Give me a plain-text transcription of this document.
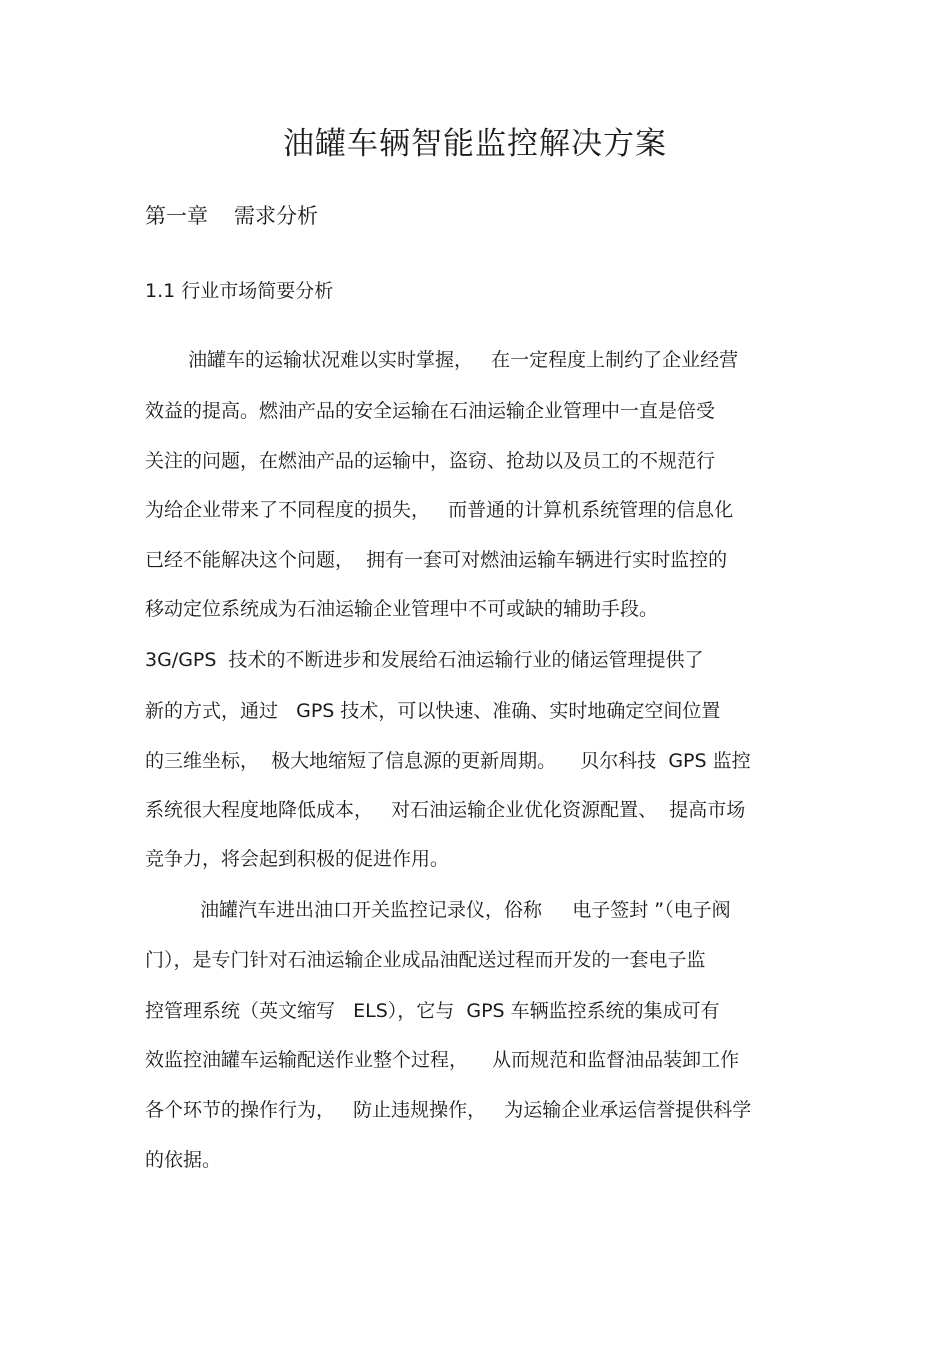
油罐车辆智能监控解决方案
第一章 需求分析
1.1 行业市场简要分析
油罐车的运输状况难以实时掌握，   在一定程度上制约了企业经营
效益的提高。燃油产品的安全运输在石油运输企业管理中一直是倍受
关注的问题，在燃油产品的运输中，盗窃、抢劫以及员工的不规范行
为给企业带来了不同程度的损失，   而普通的计算机系统管理的信息化
已经不能解决这个问题，  拥有一套可对燃油运输车辆进行实时监控的
移动定位系统成为石油运输企业管理中不可或缺的辅助手段。
3G/GPS  技术的不断进步和发展给石油运输行业的储运管理提供了
新的方式，通过   GPS 技术，可以快速、准确、实时地确定空间位置
的三维坐标，  极大地缩短了信息源的更新周期。    贝尔科技  GPS 监控
系统很大程度地降低成本，   对石油运输企业优化资源配置、  提高市场
竞争力，将会起到积极的促进作用。
油罐汽车进出油口开关监控记录仪，俗称     电子签封 ”（电子阀
门），是专门针对石油运输企业成品油配送过程而开发的一套电子监
控管理系统（英文缩写   ELS），它与  GPS 车辆监控系统的集成可有
效监控油罐车运输配送作业整个过程，    从而规范和监督油品装卸工作
各个环节的操作行为，   防止违规操作，   为运输企业承运信誉提供科学
的依据。
